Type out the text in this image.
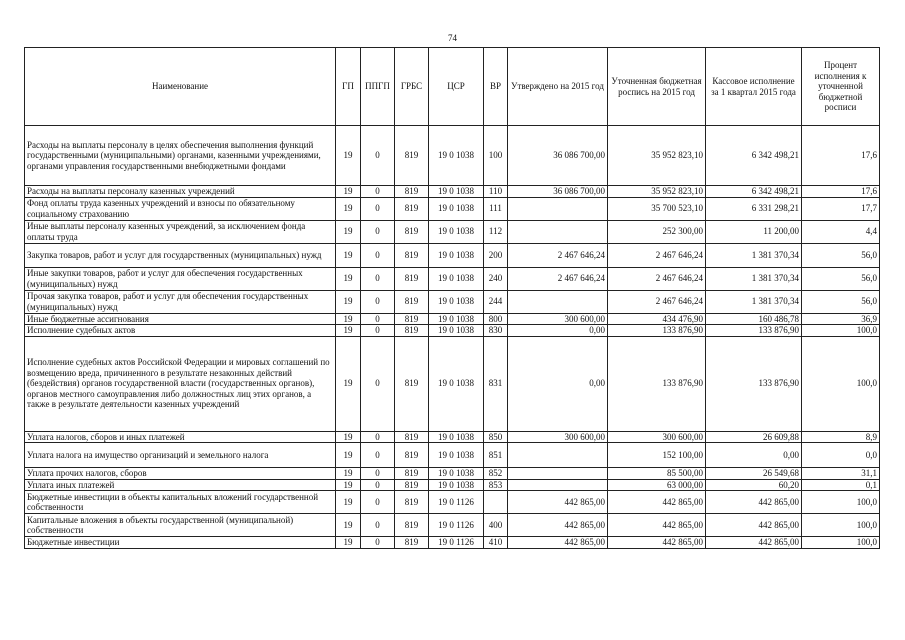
74
Наименование	ГП	ППГП	ГРБС	ЦСР	ВР	Утверждено на 2015 год	Уточненная бюджетная роспись на 2015 год	Кассовое исполнение за 1 квартал 2015 года	Процент исполнения к уточненной бюджетной росписи
Расходы на выплаты персоналу в целях обеспечения выполнения функций государственными (муниципальными) органами, казенными учреждениями, органами управления государственными внебюджетными фондами	19	0	819	19 0 1038	100	36 086 700,00	35 952 823,10	6 342 498,21	17,6
Расходы на выплаты персоналу казенных учреждений	19	0	819	19 0 1038	110	36 086 700,00	35 952 823,10	6 342 498,21	17,6
Фонд оплаты труда казенных учреждений и взносы по обязательному социальному страхованию	19	0	819	19 0 1038	111		35 700 523,10	6 331 298,21	17,7
Иные выплаты персоналу казенных учреждений, за исключением фонда оплаты труда	19	0	819	19 0 1038	112		252 300,00	11 200,00	4,4
Закупка товаров, работ и услуг для государственных (муниципальных) нужд	19	0	819	19 0 1038	200	2 467 646,24	2 467 646,24	1 381 370,34	56,0
Иные закупки товаров, работ и услуг для обеспечения государственных (муниципальных) нужд	19	0	819	19 0 1038	240	2 467 646,24	2 467 646,24	1 381 370,34	56,0
Прочая закупка товаров, работ и услуг для обеспечения государственных (муниципальных) нужд	19	0	819	19 0 1038	244		2 467 646,24	1 381 370,34	56,0
Иные бюджетные ассигнования	19	0	819	19 0 1038	800	300 600,00	434 476,90	160 486,78	36,9
Исполнение судебных актов	19	0	819	19 0 1038	830	0,00	133 876,90	133 876,90	100,0
Исполнение судебных актов Российской Федерации и мировых соглашений по возмещению вреда, причиненного в результате незаконных действий (бездействия) органов государственной власти (государственных органов), органов местного самоуправления либо должностных лиц этих органов, а также в результате деятельности казенных учреждений	19	0	819	19 0 1038	831	0,00	133 876,90	133 876,90	100,0
Уплата налогов, сборов и иных платежей	19	0	819	19 0 1038	850	300 600,00	300 600,00	26 609,88	8,9
Уплата налога на имущество организаций и земельного налога	19	0	819	19 0 1038	851		152 100,00	0,00	0,0
Уплата прочих налогов, сборов	19	0	819	19 0 1038	852		85 500,00	26 549,68	31,1
Уплата иных платежей	19	0	819	19 0 1038	853		63 000,00	60,20	0,1
Бюджетные инвестиции в объекты капитальных вложений государственной собственности	19	0	819	19 0 1126		442 865,00	442 865,00	442 865,00	100,0
Капитальные вложения в объекты государственной (муниципальной) собственности	19	0	819	19 0 1126	400	442 865,00	442 865,00	442 865,00	100,0
Бюджетные инвестиции	19	0	819	19 0 1126	410	442 865,00	442 865,00	442 865,00	100,0
